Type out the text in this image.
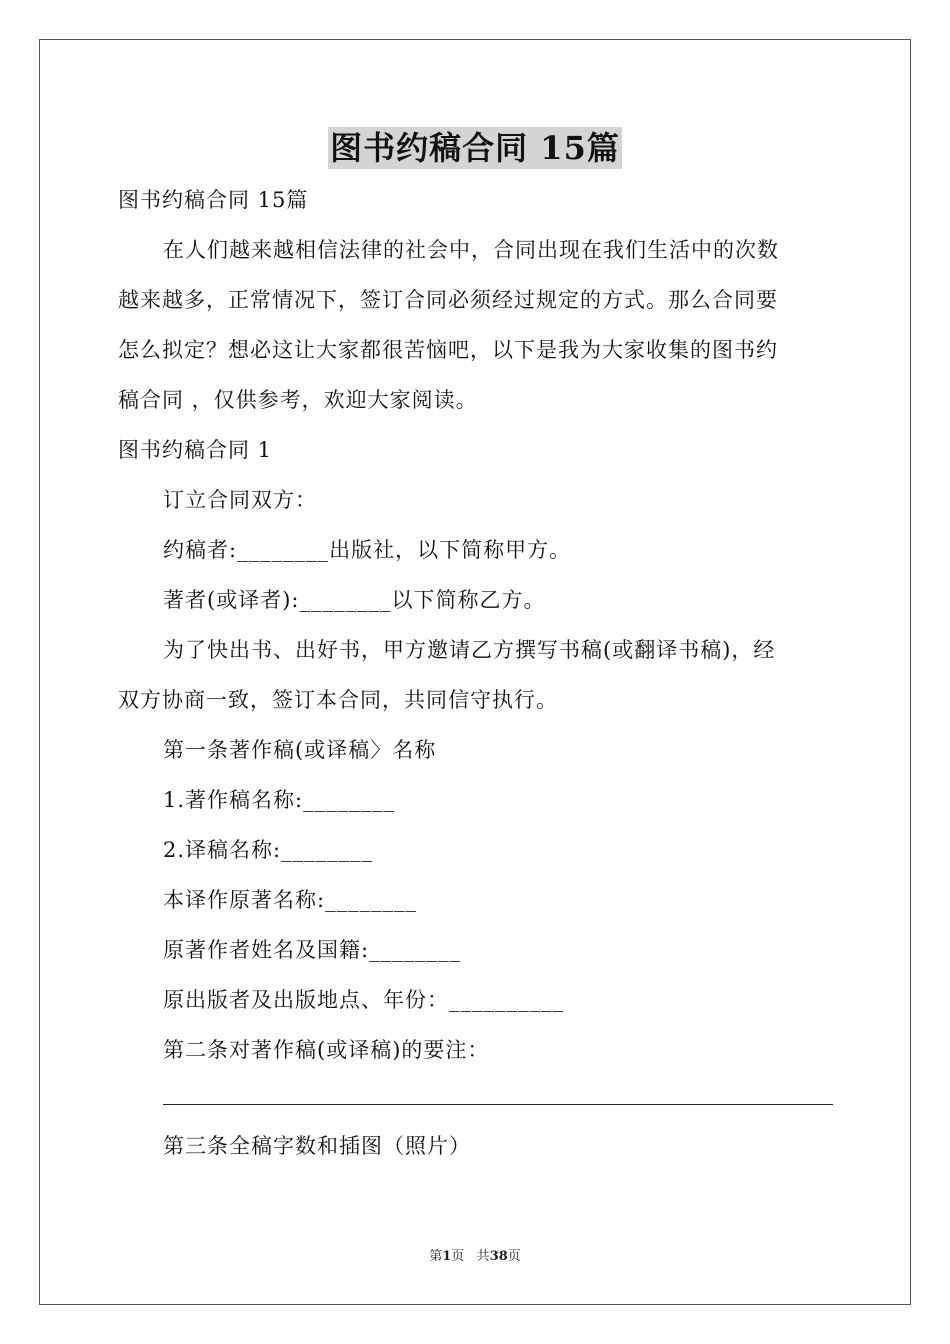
图书约稿合同 15篇
图书约稿合同 15篇
在人们越来越相信法律的社会中，合同出现在我们生活中的次数
越来越多，正常情况下，签订合同必须经过规定的方式。那么合同要
怎么拟定？想必这让大家都很苦恼吧，以下是我为大家收集的图书约
稿合同 ，仅供参考，欢迎大家阅读。
图书约稿合同 1
订立合同双方：
约稿者:________出版社，以下简称甲方。
著者(或译者):________以下简称乙方。
为了快出书、出好书，甲方邀请乙方撰写书稿(或翻译书稿)，经
双方协商一致，签订本合同，共同信守执行。
第一条著作稿(或译稿〉名称
1.著作稿名称:________
2.译稿名称:________
本译作原著名称:________
原著作者姓名及国籍:________
原出版者及出版地点、年份：__________
第二条对著作稿(或译稿)的要注：
第三条全稿字数和插图（照片）
第1页 共38页
